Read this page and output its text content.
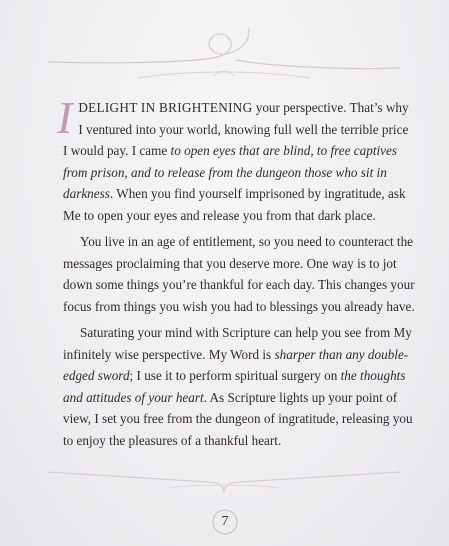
IDELIGHT IN BRIGHTENING your perspective. That’s why I ventured into your world, knowing full well the terrible price I would pay. I came to open eyes that are blind, to free captives from prison, and to release from the dungeon those who sit in darkness. When you find yourself imprisoned by ingratitude, ask Me to open your eyes and release you from that dark place.

You live in an age of entitlement, so you need to counteract the messages proclaiming that you deserve more. One way is to jot down some things you’re thankful for each day. This changes your focus from things you wish you had to blessings you already have.

Saturating your mind with Scripture can help you see from My infinitely wise perspective. My Word is sharper than any double-edged sword; I use it to perform spiritual surgery on the thoughts and attitudes of your heart. As Scripture lights up your point of view, I set you free from the dungeon of ingratitude, releasing you to enjoy the pleasures of a thankful heart.

7
